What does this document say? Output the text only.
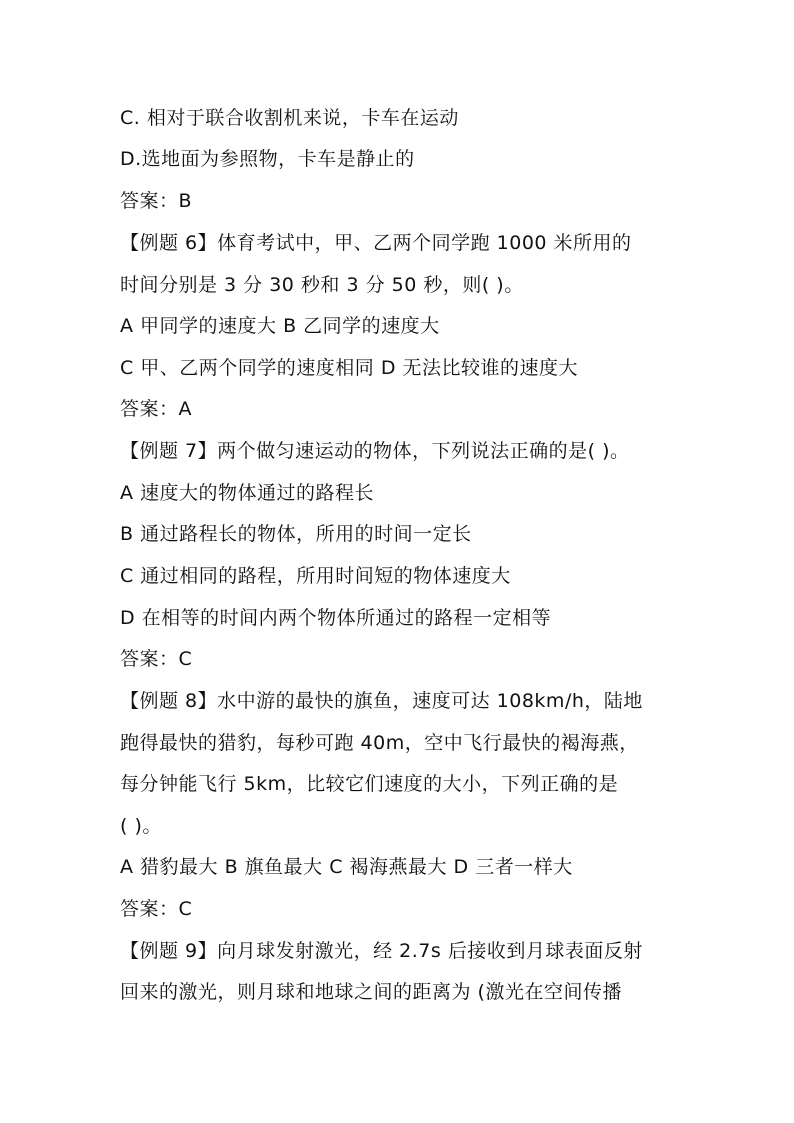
C. 相对于联合收割机来说，卡车在运动
D.选地面为参照物，卡车是静止的
答案：B
【例题 6】体育考试中，甲、乙两个同学跑 1000 米所用的
时间分别是 3 分 30 秒和 3 分 50 秒，则( )。
A 甲同学的速度大 B 乙同学的速度大
C 甲、乙两个同学的速度相同 D 无法比较谁的速度大
答案：A
【例题 7】两个做匀速运动的物体，下列说法正确的是( )。
A 速度大的物体通过的路程长
B 通过路程长的物体，所用的时间一定长
C 通过相同的路程，所用时间短的物体速度大
D 在相等的时间内两个物体所通过的路程一定相等
答案：C
【例题 8】水中游的最快的旗鱼，速度可达 108km/h，陆地
跑得最快的猎豹，每秒可跑 40m，空中飞行最快的褐海燕，
每分钟能飞行 5km，比较它们速度的大小，下列正确的是
( )。
A 猎豹最大 B 旗鱼最大 C 褐海燕最大 D 三者一样大
答案：C
【例题 9】向月球发射激光，经 2.7s 后接收到月球表面反射
回来的激光，则月球和地球之间的距离为 (激光在空间传播
